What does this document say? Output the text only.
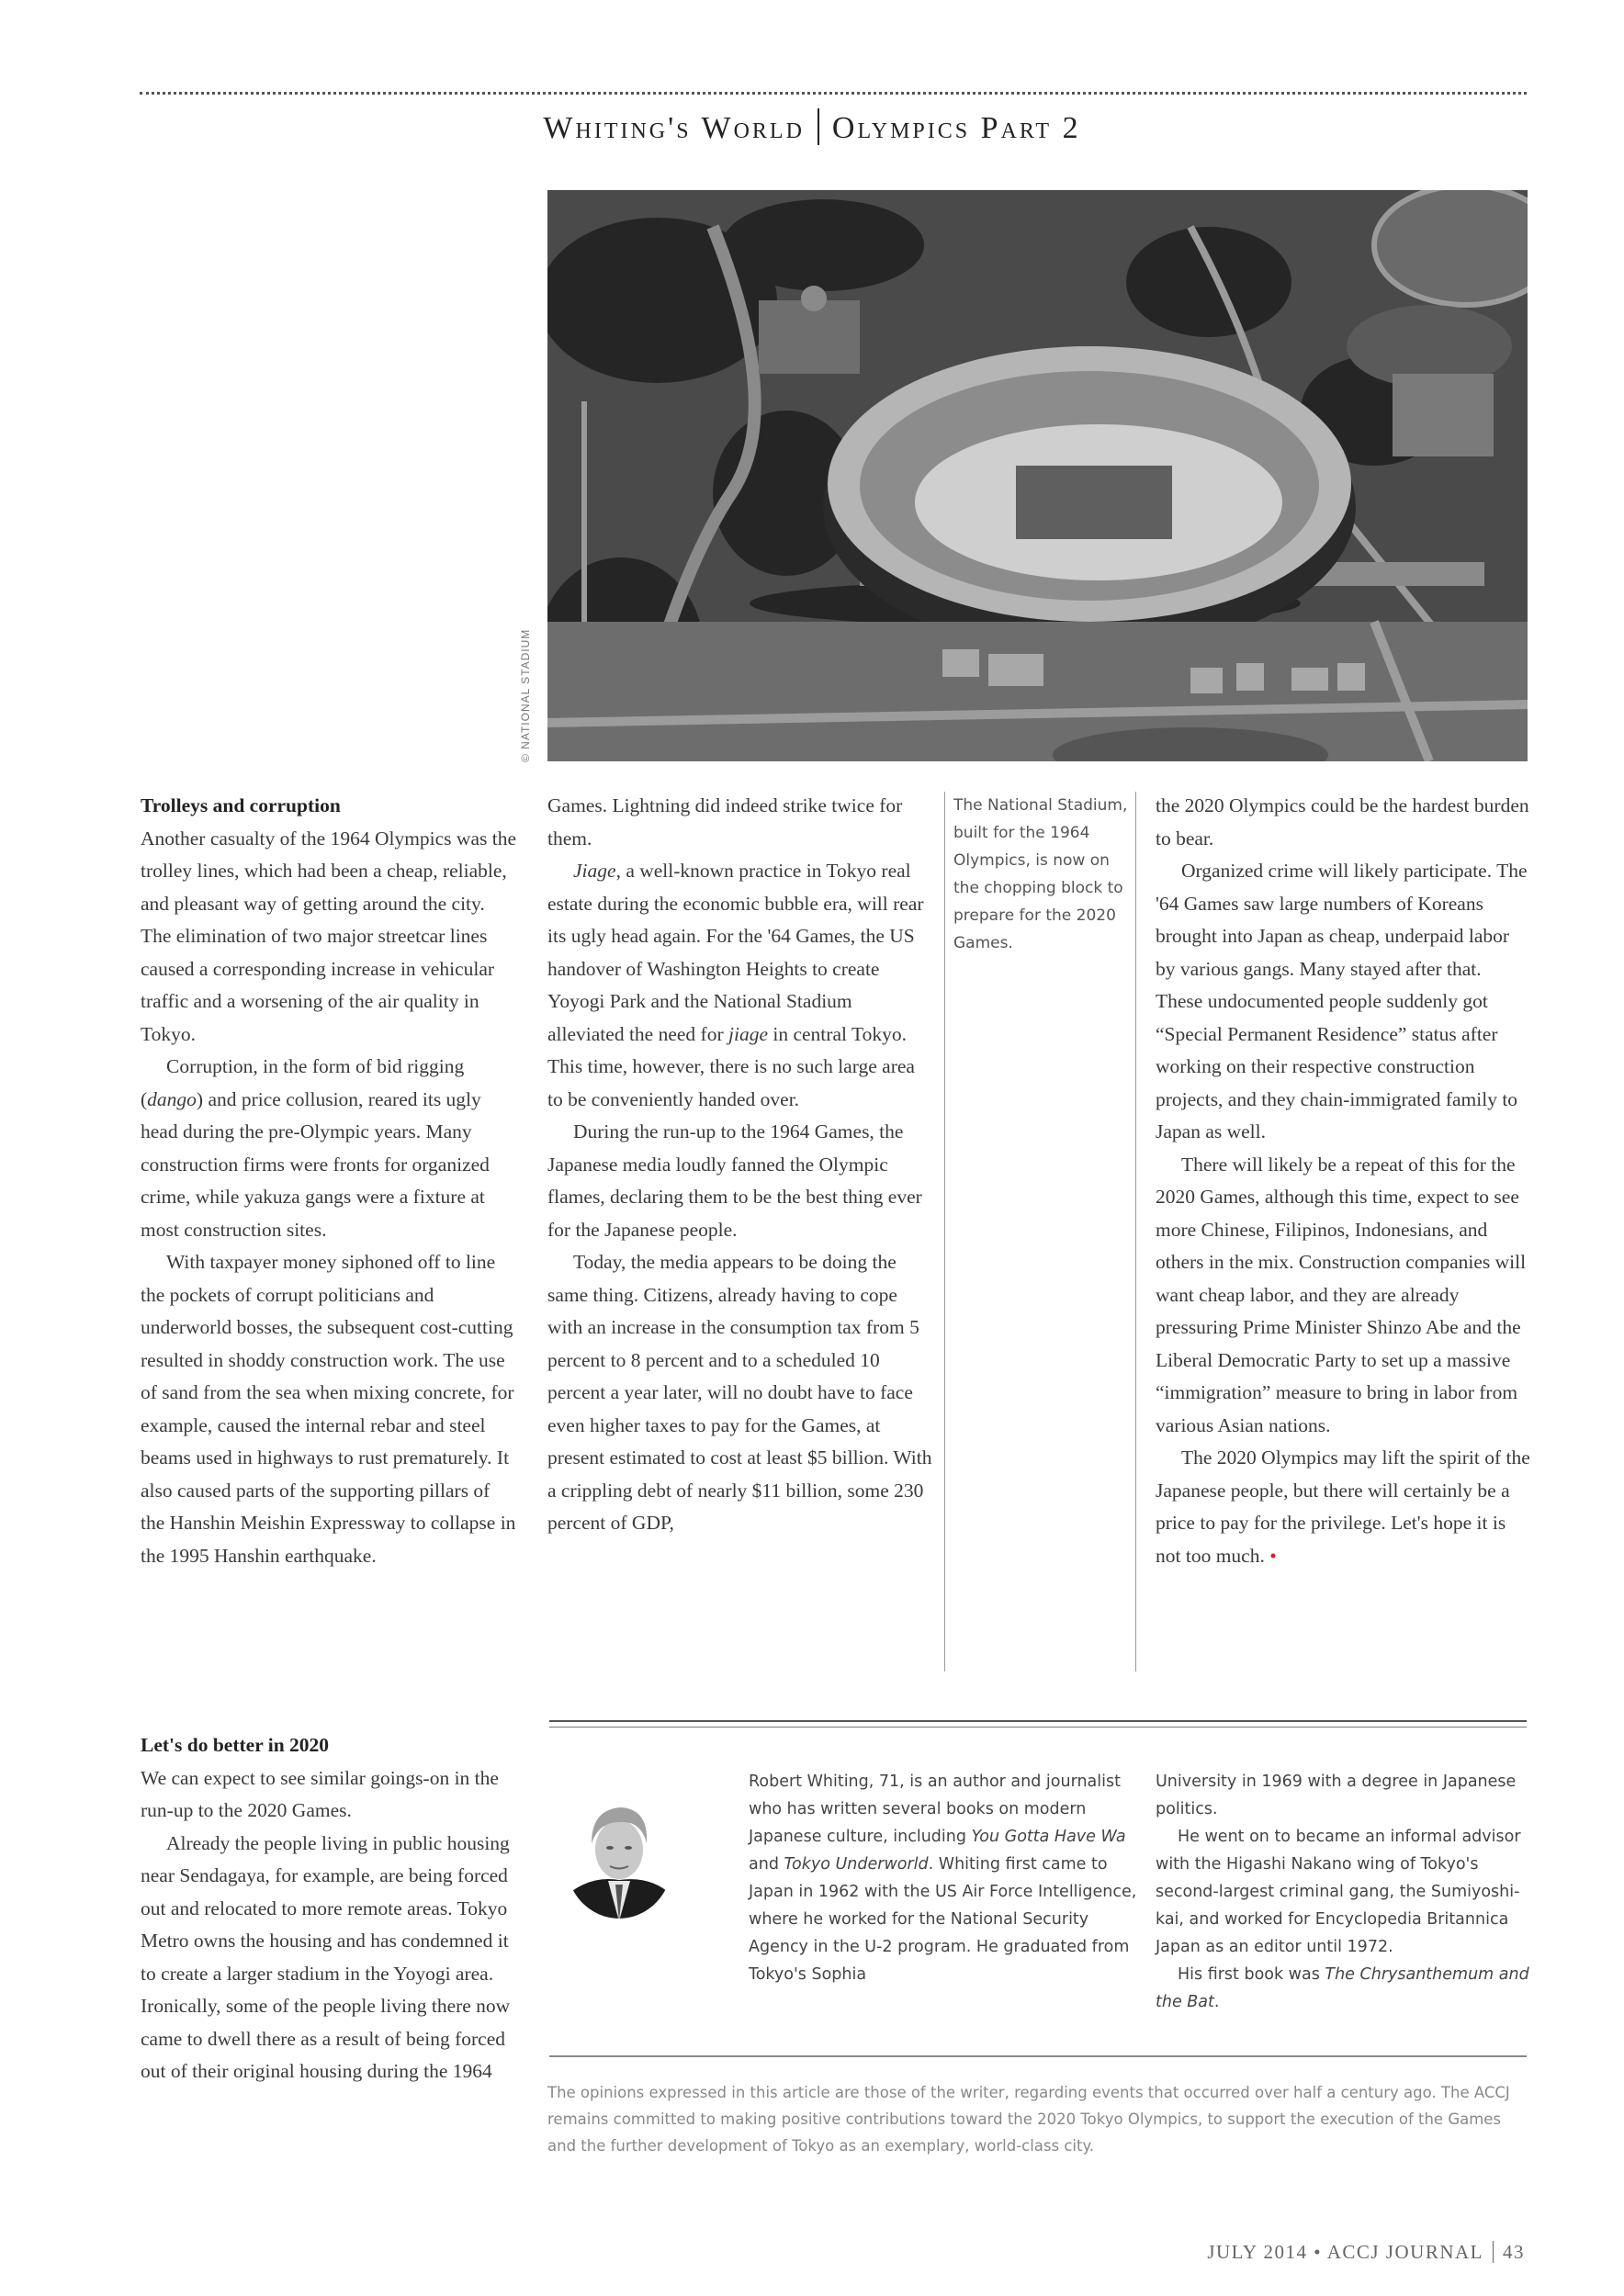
Whiting's World Olympics Part 2
© NATIONAL STADIUM
Trolleys and corruption

Another casualty of the 1964 Olympics was the trolley lines, which had been a cheap, reliable, and pleasant way of getting around the city. The elimination of two major streetcar lines caused a corresponding increase in vehicular traffic and a worsening of the air quality in Tokyo.

Corruption, in the form of bid rigging (dango) and price collusion, reared its ugly head during the pre-Olympic years. Many construction firms were fronts for organized crime, while yakuza gangs were a fixture at most construction sites.

With taxpayer money siphoned off to line the pockets of corrupt politicians and underworld bosses, the subsequent cost-cutting resulted in shoddy construction work. The use of sand from the sea when mixing concrete, for example, caused the internal rebar and steel beams used in highways to rust prematurely. It also caused parts of the supporting pillars of the Hanshin Meishin Expressway to collapse in the 1995 Hanshin earthquake.

Let's do better in 2020

We can expect to see similar goings-on in the run-up to the 2020 Games.

Already the people living in public housing near Sendagaya, for example, are being forced out and relocated to more remote areas. Tokyo Metro owns the housing and has condemned it to create a larger stadium in the Yoyogi area. Ironically, some of the people living there now came to dwell there as a result of being forced out of their original housing during the 1964

Games. Lightning did indeed strike twice for them.

Jiage, a well-known practice in Tokyo real estate during the economic bubble era, will rear its ugly head again. For the '64 Games, the US handover of Washington Heights to create Yoyogi Park and the National Stadium alleviated the need for jiage in central Tokyo. This time, however, there is no such large area to be conveniently handed over.

During the run-up to the 1964 Games, the Japanese media loudly fanned the Olympic flames, declaring them to be the best thing ever for the Japanese people.

Today, the media appears to be doing the same thing. Citizens, already having to cope with an increase in the consumption tax from 5 percent to 8 percent and to a scheduled 10 percent a year later, will no doubt have to face even higher taxes to pay for the Games, at present estimated to cost at least $5 billion. With a crippling debt of nearly $11 billion, some 230 percent of GDP,

The National Stadium, built for the 1964 Olympics, is now on the chopping block to prepare for the 2020 Games.

the 2020 Olympics could be the hardest burden to bear.

Organized crime will likely participate. The '64 Games saw large numbers of Koreans brought into Japan as cheap, underpaid labor by various gangs. Many stayed after that. These undocumented people suddenly got “Special Permanent Residence” status after working on their respective construction projects, and they chain-immigrated family to Japan as well.

There will likely be a repeat of this for the 2020 Games, although this time, expect to see more Chinese, Filipinos, Indonesians, and others in the mix. Construction companies will want cheap labor, and they are already pressuring Prime Minister Shinzo Abe and the Liberal Democratic Party to set up a massive “immigration” measure to bring in labor from various Asian nations.

The 2020 Olympics may lift the spirit of the Japanese people, but there will certainly be a price to pay for the privilege. Let's hope it is not too much. •

Robert Whiting, 71, is an author and journalist who has written several books on modern Japanese culture, including You Gotta Have Wa and Tokyo Underworld. Whiting first came to Japan in 1962 with the US Air Force Intelligence, where he worked for the National Security Agency in the U-2 program. He graduated from Tokyo's Sophia

University in 1969 with a degree in Japanese politics.

He went on to became an informal advisor with the Higashi Nakano wing of Tokyo's second-largest criminal gang, the Sumiyoshi-kai, and worked for Encyclopedia Britannica Japan as an editor until 1972.

His first book was The Chrysanthemum and the Bat.

The opinions expressed in this article are those of the writer, regarding events that occurred over half a century ago. The ACCJ remains committed to making positive contributions toward the 2020 Tokyo Olympics, to support the execution of the Games and the further development of Tokyo as an exemplary, world-class city.
JULY 2014 • ACCJ JOURNAL 43
